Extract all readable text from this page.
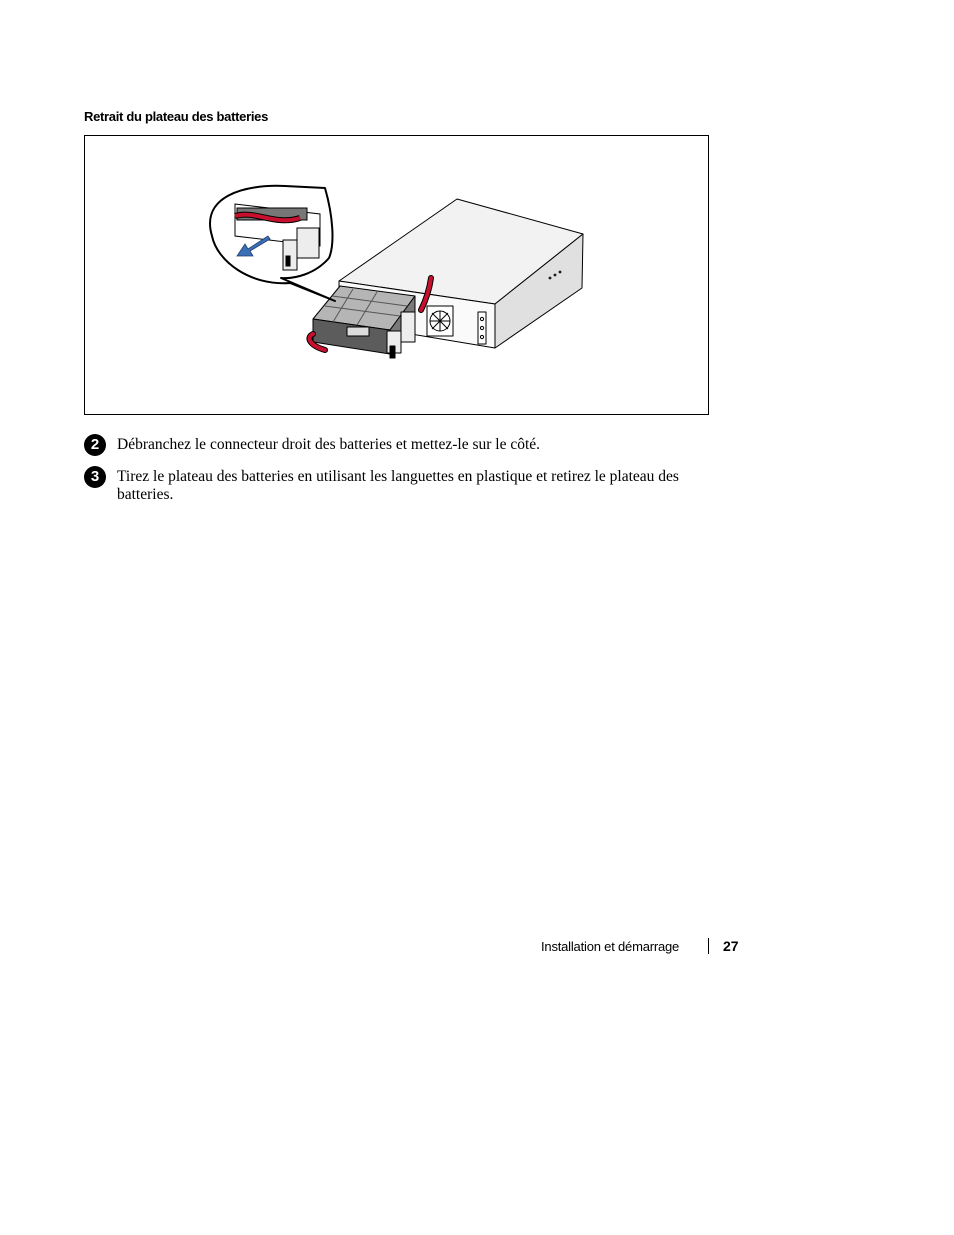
Retrait du plateau des batteries
2	Débranchez le connecteur droit des batteries et mettez-le sur le côté.
3	Tirez le plateau des batteries en utilisant les languettes en plastique et retirez le plateau des batteries.
Installation et démarrage	27
